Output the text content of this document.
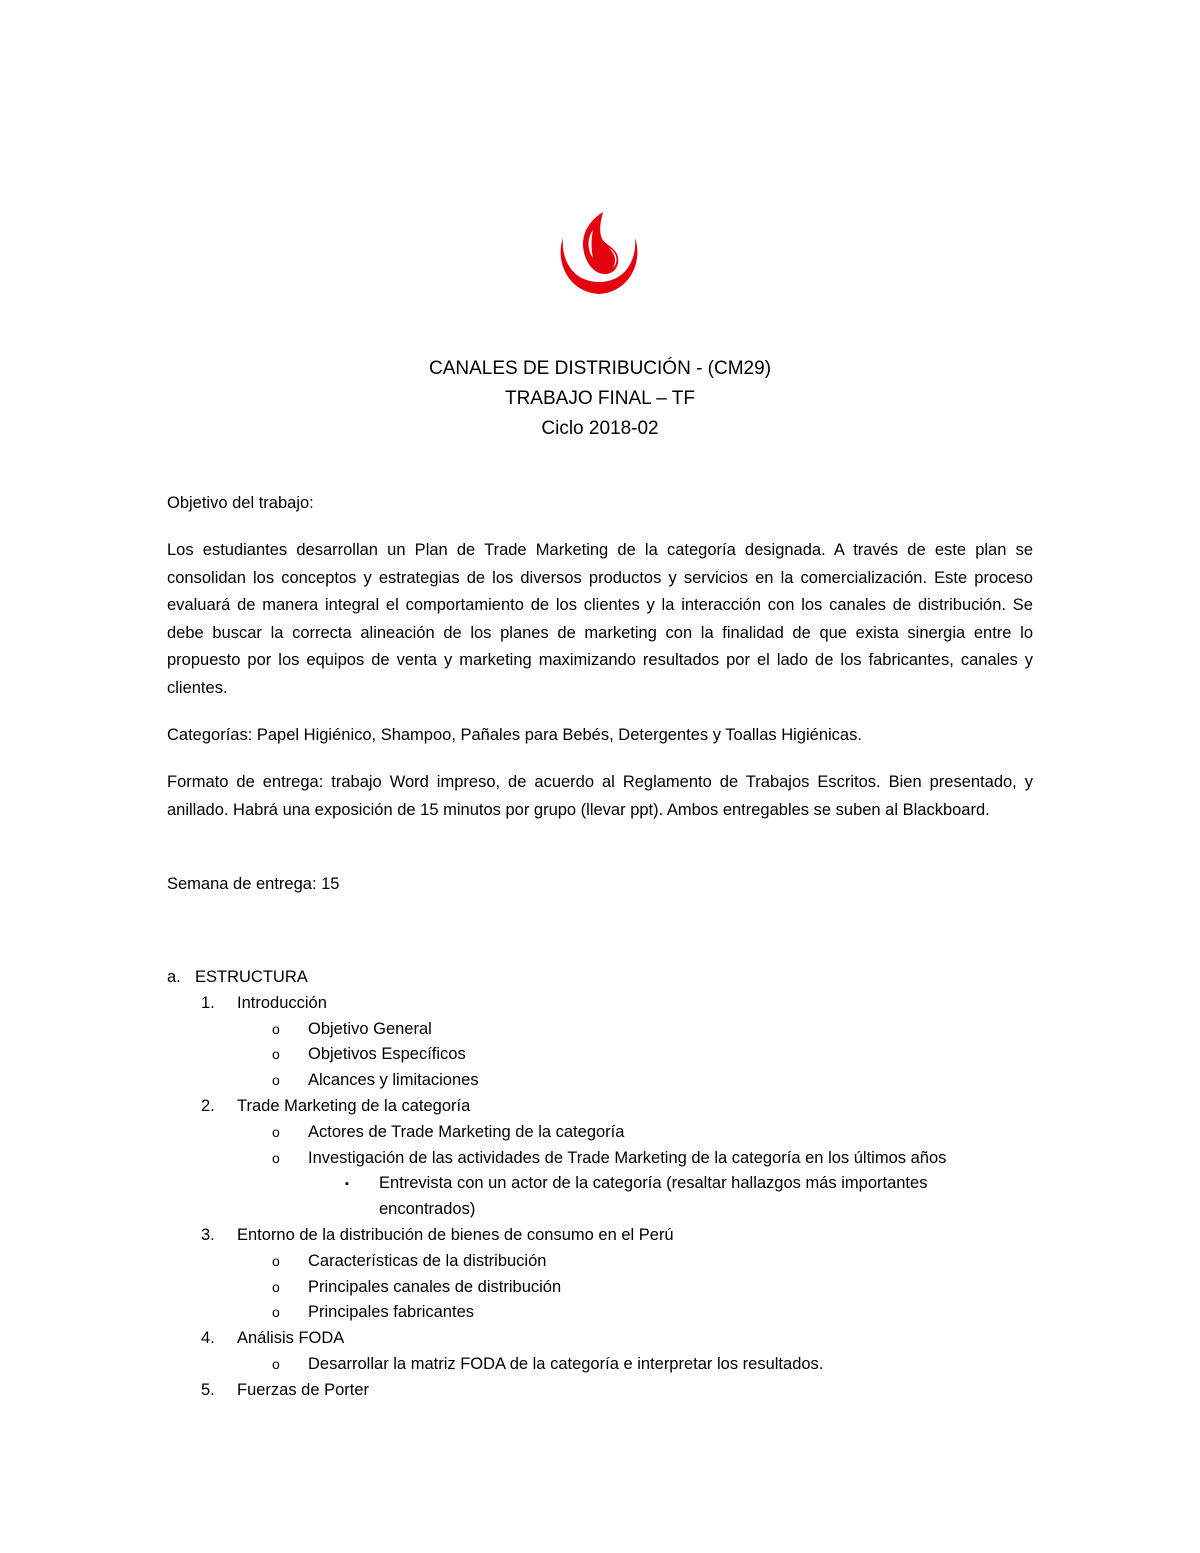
CANALES DE DISTRIBUCIÓN - (CM29)
TRABAJO FINAL – TF
Ciclo 2018-02

Objetivo del trabajo:

Los estudiantes desarrollan un Plan de Trade Marketing de la categoría designada. A través de este plan se consolidan los conceptos y estrategias de los diversos productos y servicios en la comercialización. Este proceso evaluará de manera integral el comportamiento de los clientes y la interacción con los canales de distribución. Se debe buscar la correcta alineación de los planes de marketing con la finalidad de que exista sinergia entre lo propuesto por los equipos de venta y marketing maximizando resultados por el lado de los fabricantes, canales y clientes.

Categorías: Papel Higiénico, Shampoo, Pañales para Bebés, Detergentes y Toallas Higiénicas.

Formato de entrega: trabajo Word impreso, de acuerdo al Reglamento de Trabajos Escritos. Bien presentado, y anillado. Habrá una exposición de 15 minutos por grupo (llevar ppt). Ambos entregables se suben al Blackboard.

Semana de entrega: 15

a. ESTRUCTURA
1. Introducción
o Objetivo General
o Objetivos Específicos
o Alcances y limitaciones
2. Trade Marketing de la categoría
o Actores de Trade Marketing de la categoría
o Investigación de las actividades de Trade Marketing de la categoría en los últimos años
▪ Entrevista con un actor de la categoría (resaltar hallazgos más importantes encontrados)
3. Entorno de la distribución de bienes de consumo en el Perú
o Características de la distribución
o Principales canales de distribución
o Principales fabricantes
4. Análisis FODA
o Desarrollar la matriz FODA de la categoría e interpretar los resultados.
5. Fuerzas de Porter
